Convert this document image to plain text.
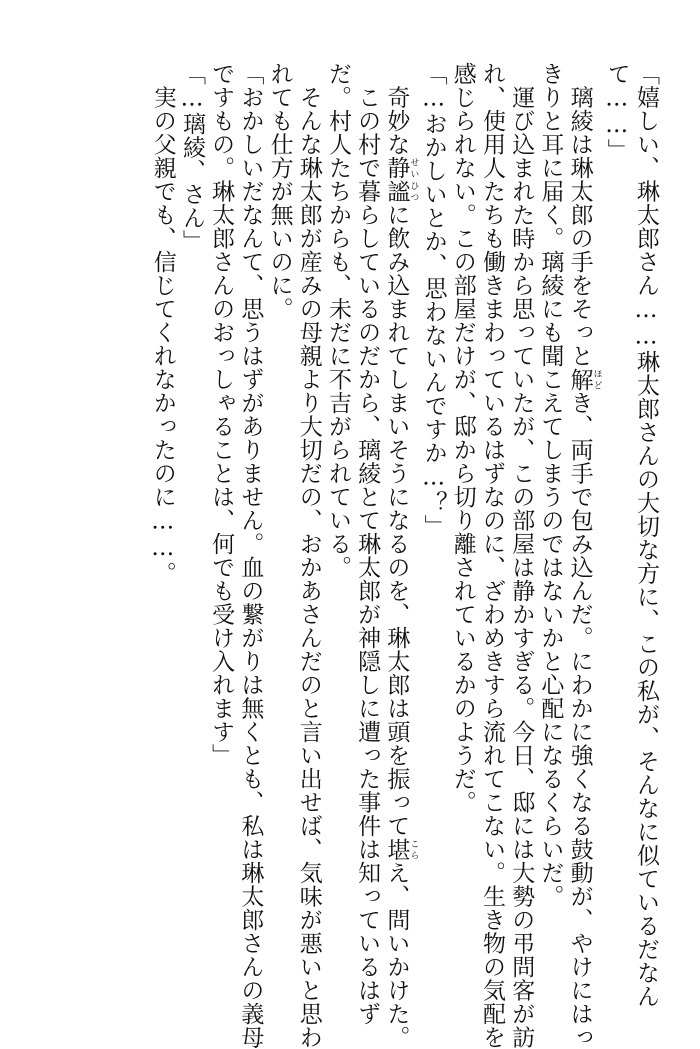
「嬉しい、琳太郎さん……琳太郎さんの大切な方に、この私が、そんなに似ているだなん
て……」
　璃綾は琳太郎の手をそっと解 ほどき、両手で包み込んだ。にわかに強くなる鼓動が、やけにはっ
きりと耳に届く。璃綾にも聞こえてしまうのではないかと心配になるくらいだ。
　運び込まれた時から思っていたが、この部屋は静かすぎる。今日、邸には大勢の弔問客が訪
れ、使用人たちも働きまわっているはずなのに、ざわめきすら流れてこない。生き物の気配を
感じられない。この部屋だけが、邸から切り離されているかのようだ。
「…おかしいとか、思わないんですか…？」
　奇妙な静謐 せいひつに飲み込まれてしまいそうになるのを、琳太郎は頭を振って堪 こらえ、問いかけた。
　この村で暮らしているのだから、璃綾とて琳太郎が神隠しに遭った事件は知っているはず
だ。村人たちからも、未だに不吉がられている。
　そんな琳太郎が産みの母親より大切だの、おかあさんだのと言い出せば、気味が悪いと思わ
れても仕方が無いのに。
「おかしいだなんて、思うはずがありません。血の繋がりは無くとも、私は琳太郎さんの義母
ですもの。琳太郎さんのおっしゃることは、何でも受け入れます」
「…璃綾、さん」
　実の父親でも、信じてくれなかったのに……。
